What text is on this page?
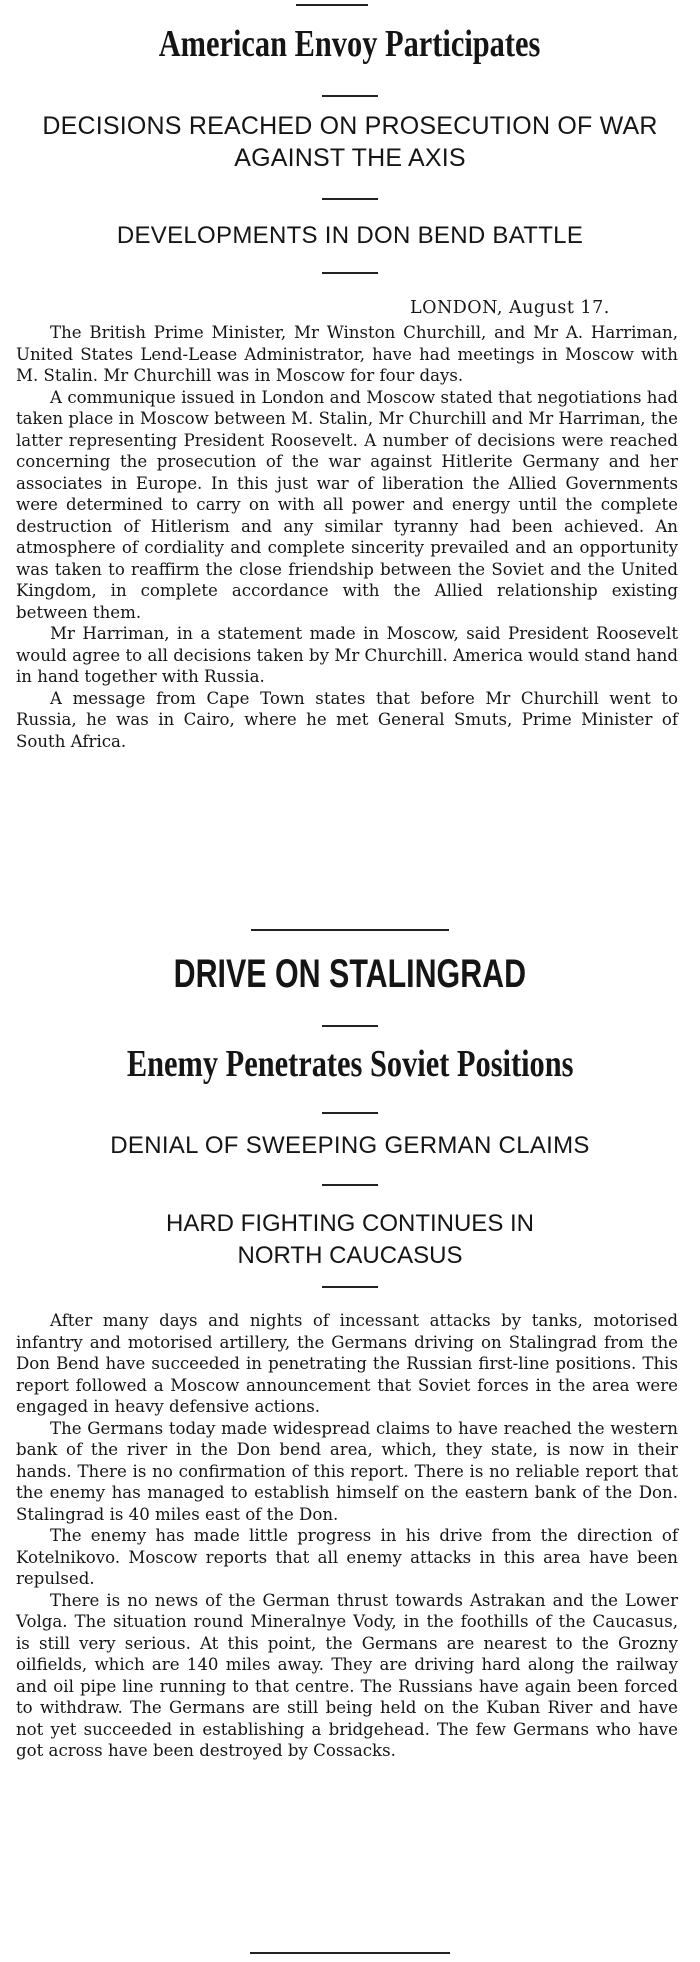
American Envoy Participates
DECISIONS REACHED ON PROSECUTION OF WAR AGAINST THE AXIS
DEVELOPMENTS IN DON BEND BATTLE
LONDON, August 17.

The British Prime Minister, Mr Winston Churchill, and Mr A. Harriman, United States Lend-Lease Administrator, have had meetings in Moscow with M. Stalin. Mr Churchill was in Moscow for four days.

A communique issued in London and Moscow stated that negotiations had taken place in Moscow between M. Stalin, Mr Churchill and Mr Harriman, the latter representing President Roosevelt. A number of decisions were reached concerning the prosecution of the war against Hitlerite Germany and her associates in Europe. In this just war of liberation the Allied Governments were determined to carry on with all power and energy until the complete destruction of Hitlerism and any similar tyranny had been achieved. An atmosphere of cordiality and complete sincerity prevailed and an opportunity was taken to reaffirm the close friendship between the Soviet and the United Kingdom, in complete accordance with the Allied relationship existing between them.

Mr Harriman, in a statement made in Moscow, said President Roosevelt would agree to all decisions taken by Mr Churchill. America would stand hand in hand together with Russia.

A message from Cape Town states that before Mr Churchill went to Russia, he was in Cairo, where he met General Smuts, Prime Minister of South Africa.

DRIVE ON STALINGRAD
Enemy Penetrates Soviet Positions
DENIAL OF SWEEPING GERMAN CLAIMS
HARD FIGHTING CONTINUES IN NORTH CAUCASUS

After many days and nights of incessant attacks by tanks, motorised infantry and motorised artillery, the Germans driving on Stalingrad from the Don Bend have succeeded in penetrating the Russian first-line positions. This report followed a Moscow announcement that Soviet forces in the area were engaged in heavy defensive actions.

The Germans today made widespread claims to have reached the western bank of the river in the Don bend area, which, they state, is now in their hands. There is no confirmation of this report. There is no reliable report that the enemy has managed to establish himself on the eastern bank of the Don. Stalingrad is 40 miles east of the Don.

The enemy has made little progress in his drive from the direction of Kotelnikovo. Moscow reports that all enemy attacks in this area have been repulsed.

There is no news of the German thrust towards Astrakan and the Lower Volga. The situation round Mineralnye Vody, in the foothills of the Caucasus, is still very serious. At this point, the Germans are nearest to the Grozny oilfields, which are 140 miles away. They are driving hard along the railway and oil pipe line running to that centre. The Russians have again been forced to withdraw. The Germans are still being held on the Kuban River and have not yet succeeded in establishing a bridgehead. The few Germans who have got across have been destroyed by Cossacks.
